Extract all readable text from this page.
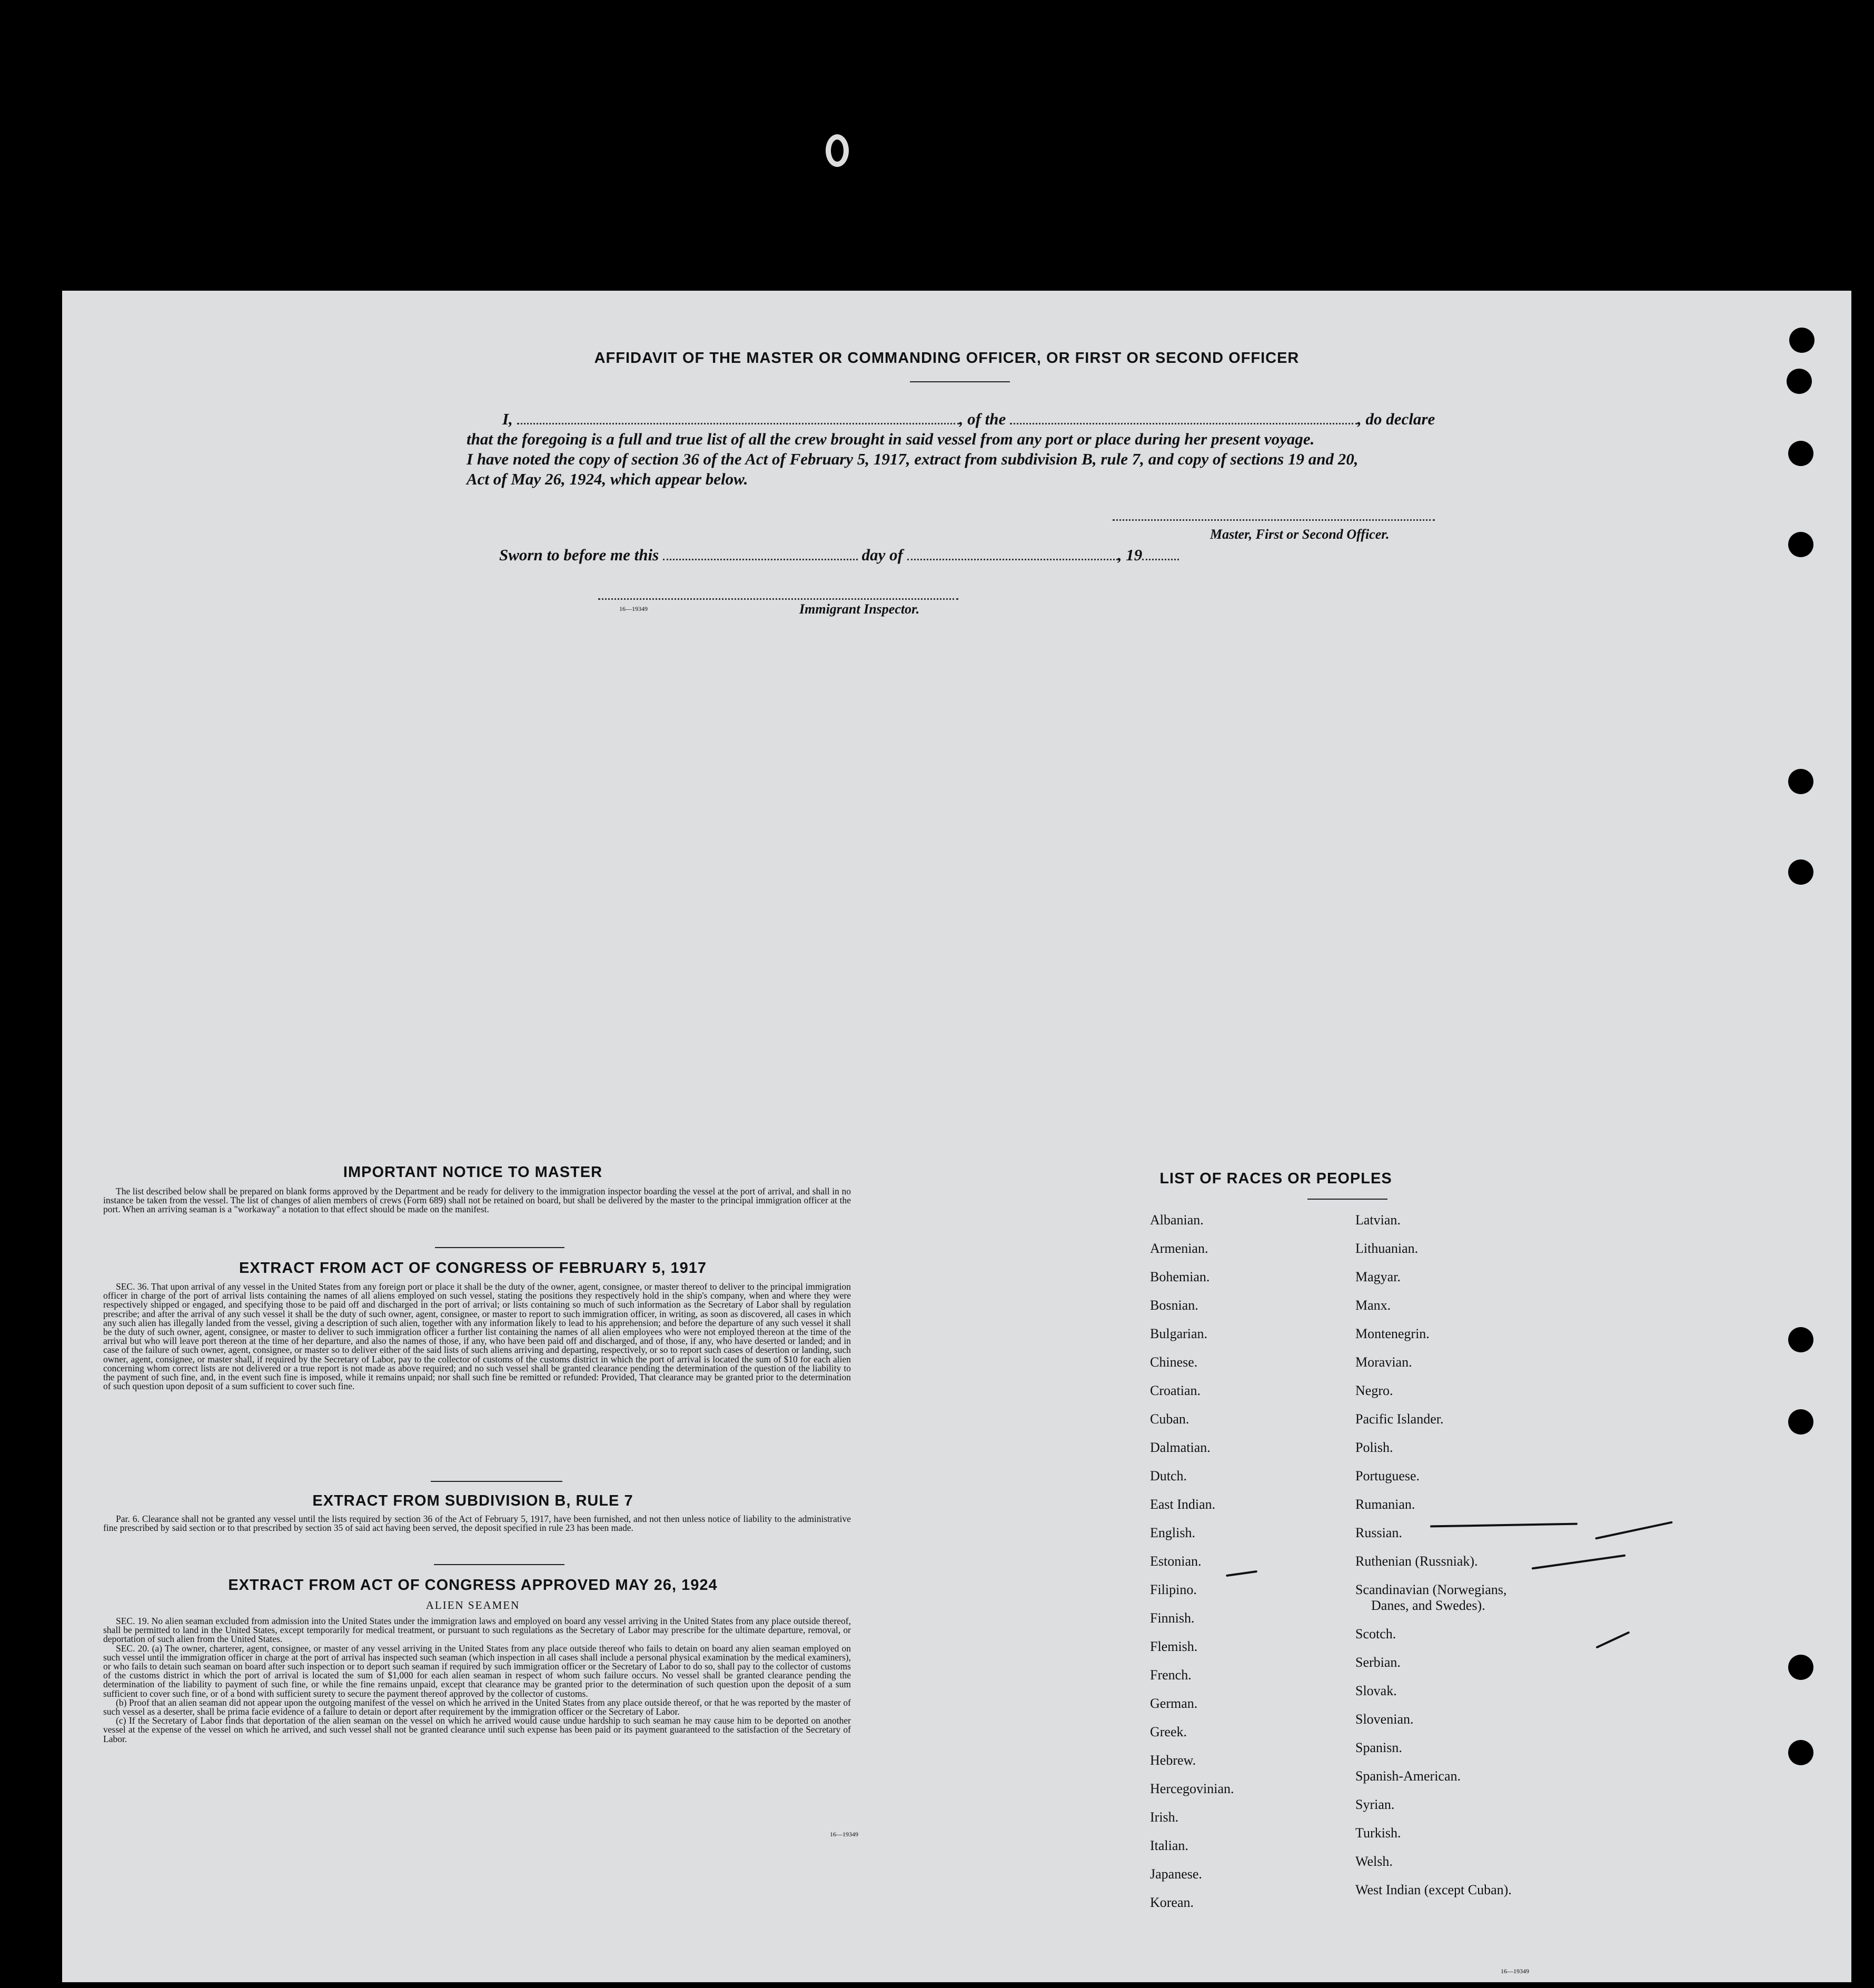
AFFIDAVIT OF THE MASTER OR COMMANDING OFFICER, OR FIRST OR SECOND OFFICER
I,	, of the	, do declare
that the foregoing is a full and true list of all the crew brought in said vessel from any port or place during her present voyage.
I have noted the copy of section 36 of the Act of February 5, 1917, extract from subdivision B, rule 7, and copy of sections 19 and 20,
Act of May 26, 1924, which appear below.
Master, First or Second Officer.
Sworn to before me this	day of	, 19
16—19349	Immigrant Inspector.
IMPORTANT NOTICE TO MASTER

The list described below shall be prepared on blank forms approved by the Department and be ready for delivery to the immigration inspector boarding the vessel at the port of arrival, and shall in no instance be taken from the vessel. The list of changes of alien members of crews (Form 689) shall not be retained on board, but shall be delivered by the master to the principal immigration officer at the port. When an arriving seaman is a "workaway" a notation to that effect should be made on the manifest.

EXTRACT FROM ACT OF CONGRESS OF FEBRUARY 5, 1917

SEC. 36. That upon arrival of any vessel in the United States from any foreign port or place it shall be the duty of the owner, agent, consignee, or master thereof to deliver to the principal immigration officer in charge of the port of arrival lists containing the names of all aliens employed on such vessel, stating the positions they respectively hold in the ship's company, when and where they were respectively shipped or engaged, and specifying those to be paid off and discharged in the port of arrival; or lists containing so much of such information as the Secretary of Labor shall by regulation prescribe; and after the arrival of any such vessel it shall be the duty of such owner, agent, consignee, or master to report to such immigration officer, in writing, as soon as discovered, all cases in which any such alien has illegally landed from the vessel, giving a description of such alien, together with any information likely to lead to his apprehension; and before the departure of any such vessel it shall be the duty of such owner, agent, consignee, or master to deliver to such immigration officer a further list containing the names of all alien employees who were not employed thereon at the time of the arrival but who will leave port thereon at the time of her departure, and also the names of those, if any, who have been paid off and discharged, and of those, if any, who have deserted or landed; and in case of the failure of such owner, agent, consignee, or master so to deliver either of the said lists of such aliens arriving and departing, respectively, or so to report such cases of desertion or landing, such owner, agent, consignee, or master shall, if required by the Secretary of Labor, pay to the collector of customs of the customs district in which the port of arrival is located the sum of $10 for each alien concerning whom correct lists are not delivered or a true report is not made as above required; and no such vessel shall be granted clearance pending the determination of the question of the liability to the payment of such fine, and, in the event such fine is imposed, while it remains unpaid; nor shall such fine be remitted or refunded: Provided, That clearance may be granted prior to the determination of such question upon deposit of a sum sufficient to cover such fine.

EXTRACT FROM SUBDIVISION B, RULE 7

Par. 6. Clearance shall not be granted any vessel until the lists required by section 36 of the Act of February 5, 1917, have been furnished, and not then unless notice of liability to the administrative fine prescribed by said section or to that prescribed by section 35 of said act having been served, the deposit specified in rule 23 has been made.

EXTRACT FROM ACT OF CONGRESS APPROVED MAY 26, 1924
ALIEN SEAMEN

SEC. 19. No alien seaman excluded from admission into the United States under the immigration laws and employed on board any vessel arriving in the United States from any place outside thereof, shall be permitted to land in the United States, except temporarily for medical treatment, or pursuant to such regulations as the Secretary of Labor may prescribe for the ultimate departure, removal, or deportation of such alien from the United States.

SEC. 20. (a) The owner, charterer, agent, consignee, or master of any vessel arriving in the United States from any place outside thereof who fails to detain on board any alien seaman employed on such vessel until the immigration officer in charge at the port of arrival has inspected such seaman (which inspection in all cases shall include a personal physical examination by the medical examiners), or who fails to detain such seaman on board after such inspection or to deport such seaman if required by such immigration officer or the Secretary of Labor to do so, shall pay to the collector of customs of the customs district in which the port of arrival is located the sum of $1,000 for each alien seaman in respect of whom such failure occurs. No vessel shall be granted clearance pending the determination of the liability to payment of such fine, or while the fine remains unpaid, except that clearance may be granted prior to the determination of such question upon the deposit of a sum sufficient to cover such fine, or of a bond with sufficient surety to secure the payment thereof approved by the collector of customs.

(b) Proof that an alien seaman did not appear upon the outgoing manifest of the vessel on which he arrived in the United States from any place outside thereof, or that he was reported by the master of such vessel as a deserter, shall be prima facie evidence of a failure to detain or deport after requirement by the immigration officer or the Secretary of Labor.

(c) If the Secretary of Labor finds that deportation of the alien seaman on the vessel on which he arrived would cause undue hardship to such seaman he may cause him to be deported on another vessel at the expense of the vessel on which he arrived, and such vessel shall not be granted clearance until such expense has been paid or its payment guaranteed to the satisfaction of the Secretary of Labor.

16—19349
LIST OF RACES OR PEOPLES
Albanian.
Armenian.
Bohemian.
Bosnian.
Bulgarian.
Chinese.
Croatian.
Cuban.
Dalmatian.
Dutch.
East Indian.
English.
Estonian.
Filipino.
Finnish.
Flemish.
French.
German.
Greek.
Hebrew.
Hercegovinian.
Irish.
Italian.
Japanese.
Korean.
Latvian.
Lithuanian.
Magyar.
Manx.
Montenegrin.
Moravian.
Negro.
Pacific Islander.
Polish.
Portuguese.
Rumanian.
Russian.
Ruthenian (Russniak).
Scandinavian (Norwegians,
Danes, and Swedes).
Scotch.
Serbian.
Slovak.
Slovenian.
Spanisn.
Spanish-American.
Syrian.
Turkish.
Welsh.
West Indian (except Cuban).
16—19349
